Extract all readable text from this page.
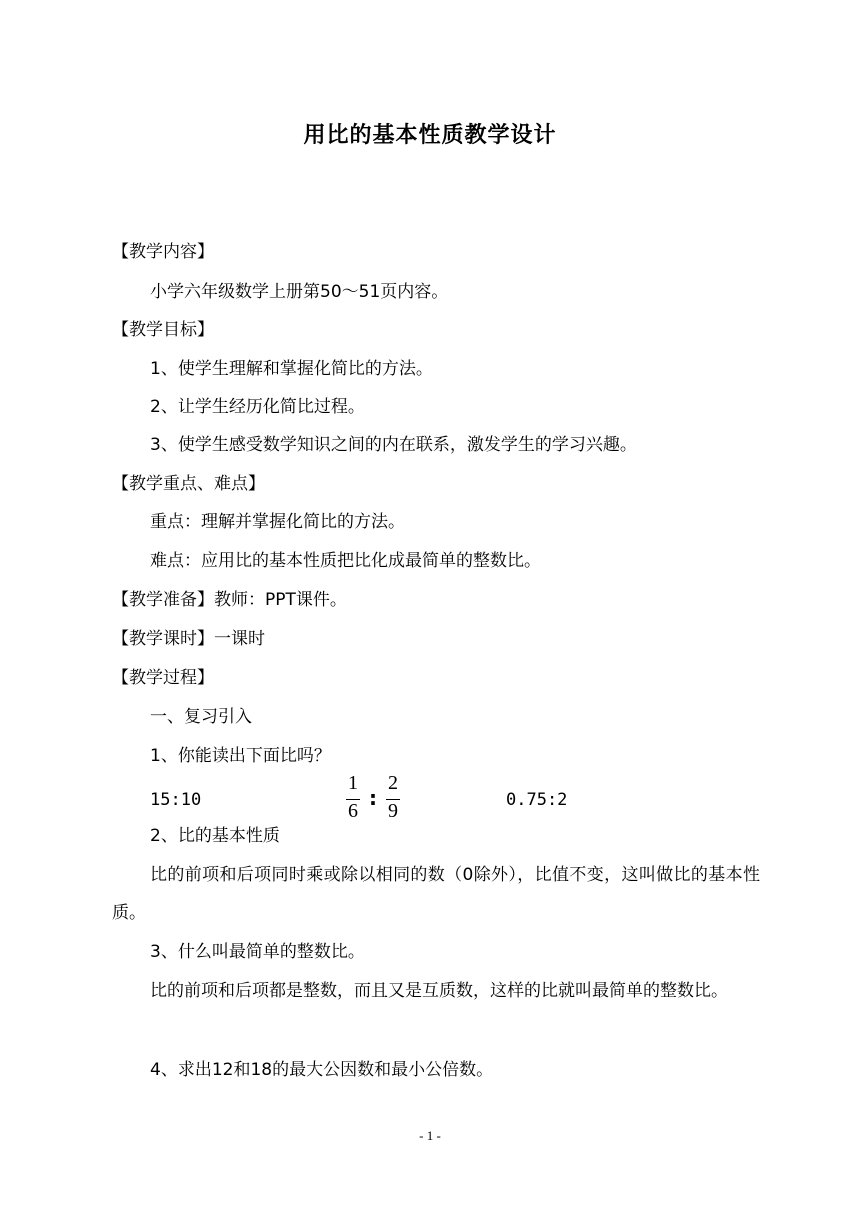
用比的基本性质教学设计
【教学内容】
小学六年级数学上册第50～51页内容。
【教学目标】
1、使学生理解和掌握化简比的方法。
2、让学生经历化简比过程。
3、使学生感受数学知识之间的内在联系，激发学生的学习兴趣。
【教学重点、难点】
重点：理解并掌握化简比的方法。
难点：应用比的基本性质把比化成最简单的整数比。
【教学准备】教师：PPT课件。
【教学课时】一课时
【教学过程】
一、复习引入
1、你能读出下面比吗？
15:10
1
6
:
2
9	0.75:2
2、比的基本性质
比的前项和后项同时乘或除以相同的数（0除外），比值不变，这叫做比的基本性质。
3、什么叫最简单的整数比。
比的前项和后项都是整数，而且又是互质数，这样的比就叫最简单的整数比。
4、求出12和18的最大公因数和最小公倍数。
- 1 -
